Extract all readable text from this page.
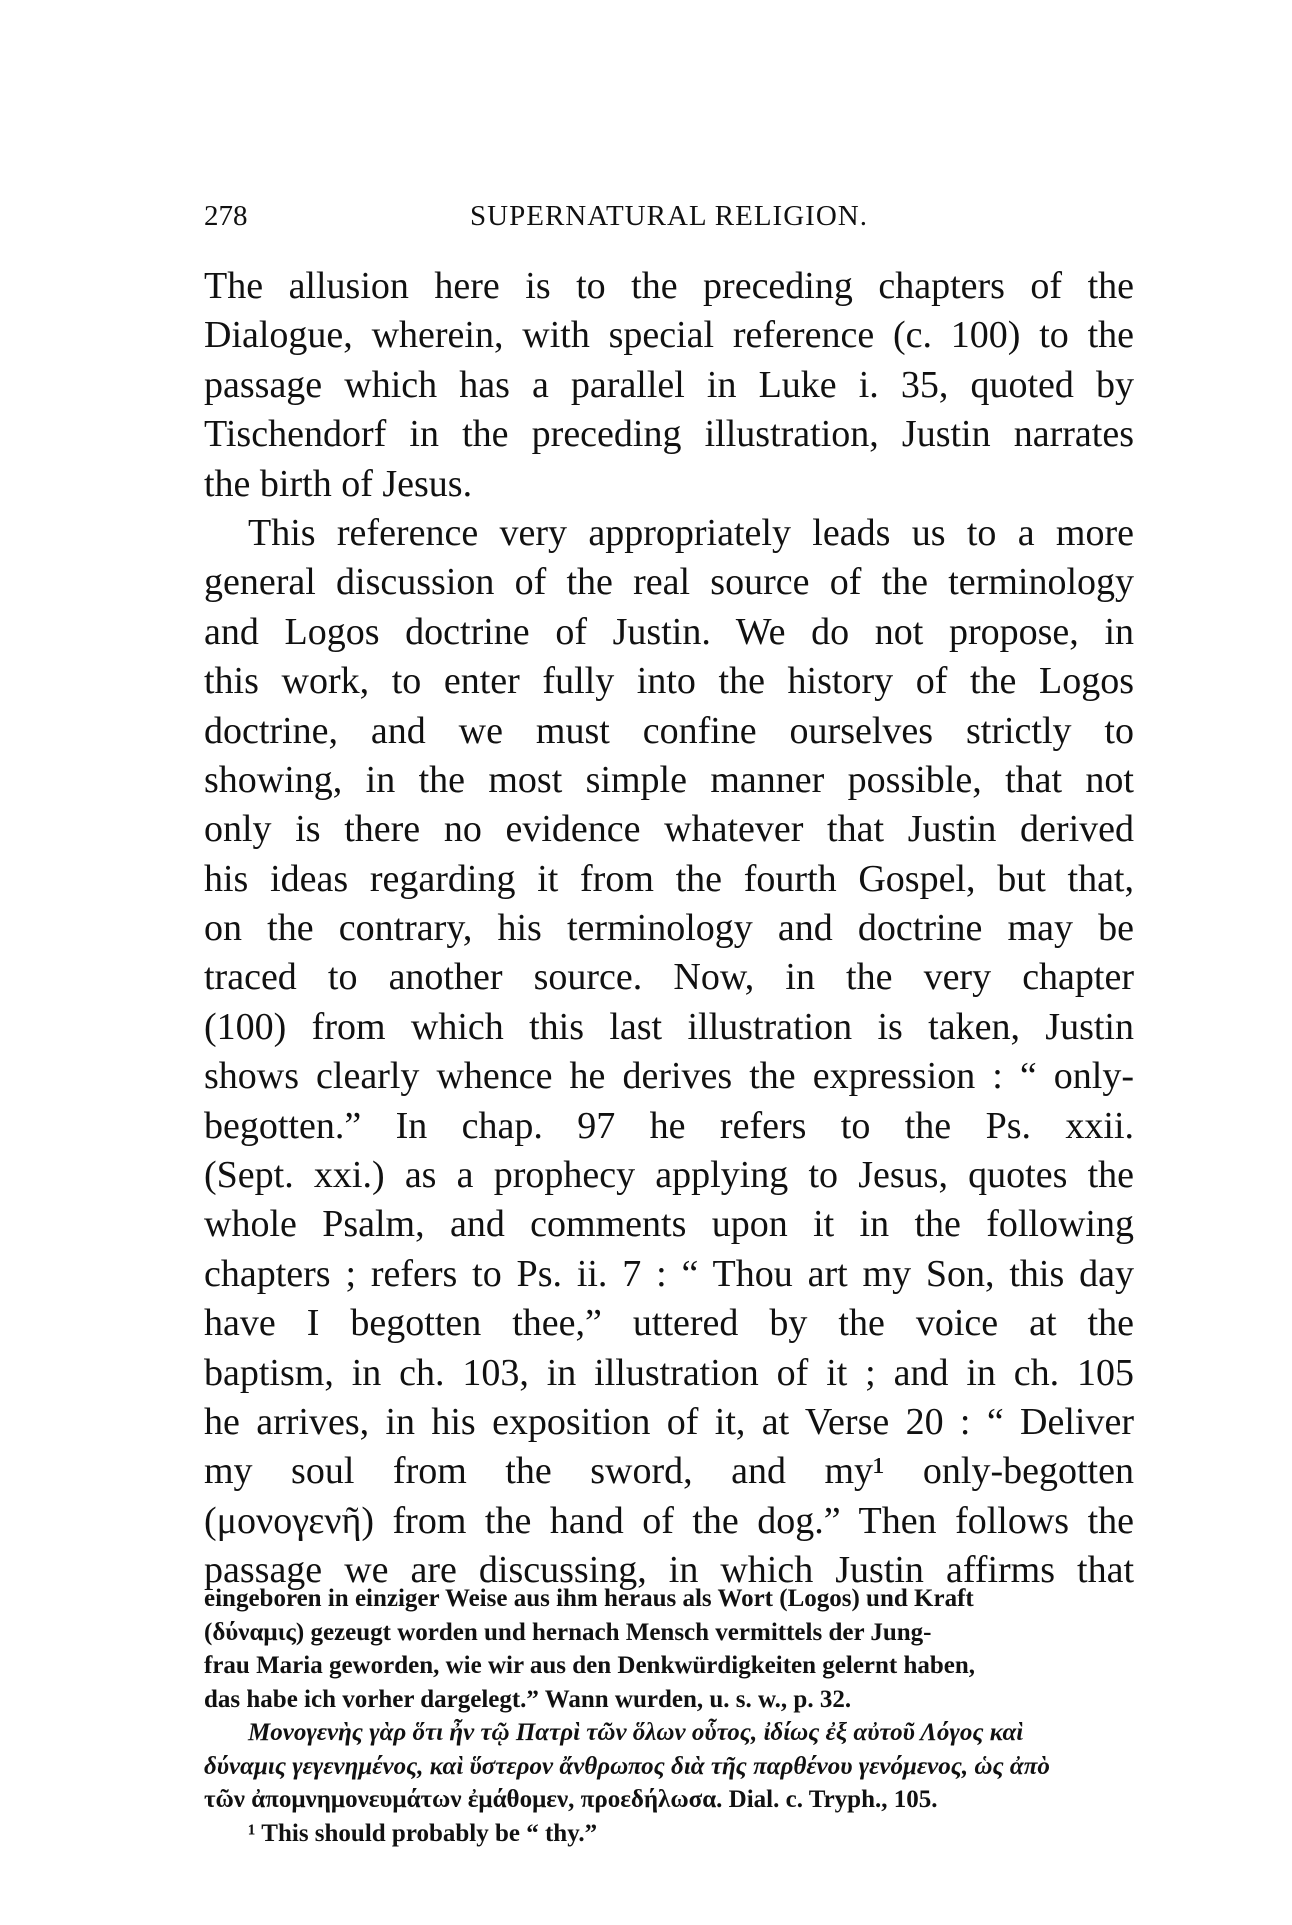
278	SUPERNATURAL RELIGION.
The allusion here is to the preceding chapters of the
Dialogue, wherein, with special reference (c. 100) to the
passage which has a parallel in Luke i. 35, quoted by
Tischendorf in the preceding illustration, Justin narrates
the birth of Jesus.
This reference very appropriately leads us to a more
general discussion of the real source of the terminology
and Logos doctrine of Justin. We do not propose, in
this work, to enter fully into the history of the Logos
doctrine, and we must confine ourselves strictly to
showing, in the most simple manner possible, that not
only is there no evidence whatever that Justin derived
his ideas regarding it from the fourth Gospel, but that,
on the contrary, his terminology and doctrine may be
traced to another source. Now, in the very chapter
(100) from which this last illustration is taken, Justin
shows clearly whence he derives the expression : “ only-
begotten.” In chap. 97 he refers to the Ps. xxii.
(Sept. xxi.) as a prophecy applying to Jesus, quotes the
whole Psalm, and comments upon it in the following
chapters ; refers to Ps. ii. 7 : “ Thou art my Son, this day
have I begotten thee,” uttered by the voice at the
baptism, in ch. 103, in illustration of it ; and in ch. 105
he arrives, in his exposition of it, at Verse 20 : “ Deliver
my soul from the sword, and my¹ only-begotten
(μονογενῆ) from the hand of the dog.” Then follows the
passage we are discussing, in which Justin affirms that
eingeboren in einziger Weise aus ihm heraus als Wort (Logos) und Kraft
(δύναμις) gezeugt worden und hernach Mensch vermittels der Jung-
frau Maria geworden, wie wir aus den Denkwürdigkeiten gelernt haben,
das habe ich vorher dargelegt.” Wann wurden, u. s. w., p. 32.
Μονογενὴς γὰρ ὅτι ἦν τῷ Πατρὶ τῶν ὅλων οὗτος, ἰδίως ἐξ αὐτοῦ Λόγος καὶ
δύναμις γεγενημένος, καὶ ὕστερον ἄνθρωπος διὰ τῆς παρθένου γενόμενος, ὡς ἀπὸ
τῶν ἀπομνημονευμάτων ἐμάθομεν, προεδήλωσα. Dial. c. Tryph., 105.
¹ This should probably be “ thy.”
